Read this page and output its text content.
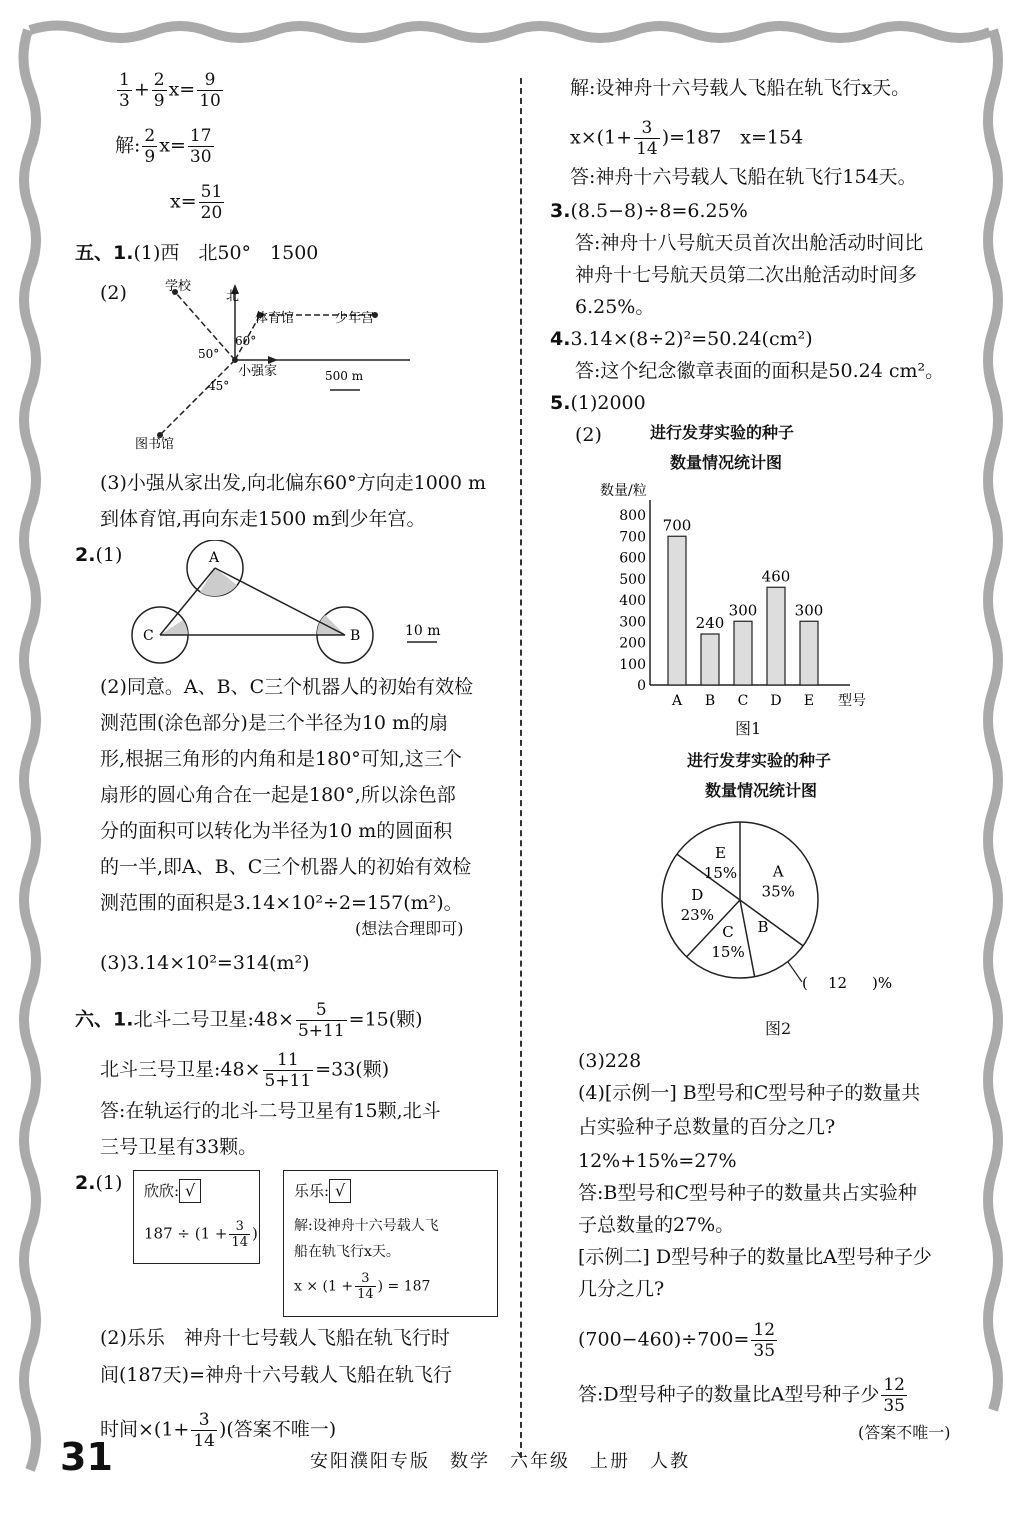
$\frac{1}{3} + \frac{2}{9} x= \frac{9}{10}$
解: $\frac{2}{9} x= \frac{17}{30}$
$x= \frac{51}{20}$
五、1.(1)西　北50°　1500
(2)	学校
北
体育馆	少年宫
小强家
图书馆
50°
60°
45°
500 m
(3)小强从家出发,向北偏东60°方向走1000 m
到体育馆,再向东走1500 m到少年宫。
2.(1)	A
C	B	10 m
(2)同意。A、B、C三个机器人的初始有效检
测范围(涂色部分)是三个半径为10 m的扇
形,根据三角形的内角和是180°可知,这三个
扇形的圆心角合在一起是180°,所以涂色部
分的面积可以转化为半径为10 m的圆面积
的一半,即A、B、C三个机器人的初始有效检
测范围的面积是3.14×10²÷2=157(m²)。
(想法合理即可)
(3)3.14×10²=314(m²)
六、1.北斗二号卫星:48× $\frac{5}{5+11} =15$(颗)
北斗三号卫星:48× $\frac{11}{5+11} =33$(颗)
答:在轨运行的北斗二号卫星有15颗,北斗
三号卫星有33颗。
2.(1) 欣欣: √
$187 \div (1 + \frac{3}{14}$ )
乐乐: √
解:设神舟十六号载人飞
船在轨飞行x天。
$x \times (1 + \frac{3}{14}$ ) = 187
(2)乐乐　神舟十七号载人飞船在轨飞行时
间(187天)=神舟十六号载人飞船在轨飞行
时间$\times(1+ \frac{3}{14}$ )(答案不唯一)
解:设神舟十六号载人飞船在轨飞行x天。
$x\times(1+ \frac{3}{14} )=187$　x=154
答:神舟十六号载人飞船在轨飞行154天。
3.(8.5−8)÷8=6.25%
答:神舟十八号航天员首次出舱活动时间比
神舟十七号航天员第二次出舱活动时间多
6.25%。
4.3.14×(8÷2)²=50.24(cm²)
答:这个纪念徽章表面的面积是50.24 cm²。
5.(1)2000
(2)	进行发芽实验的种子
数量情况统计图
数量/粒
0
100
200
300
400
500
600
700
800
700
A
240
B
300
C
460
D
300
E 型号
图1
进行发芽实验的种子
数量情况统计图
A
35%
B
C
15%
D
23%
E
15%
( 12 )%
图2
(3)228
(4)[示例一] B型号和C型号种子的数量共
占实验种子总数量的百分之几?
12%+15%=27%
答:B型号和C型号种子的数量共占实验种
子总数量的27%。
[示例二] D型号种子的数量比A型号种子少
几分之几?
$(700-460)\div 700= \frac{12}{35}$
答:D型号种子的数量比A型号种子少 $\frac{12}{35}$
(答案不唯一)
31	安阳濮阳专版　数学　六年级　上册　人教
